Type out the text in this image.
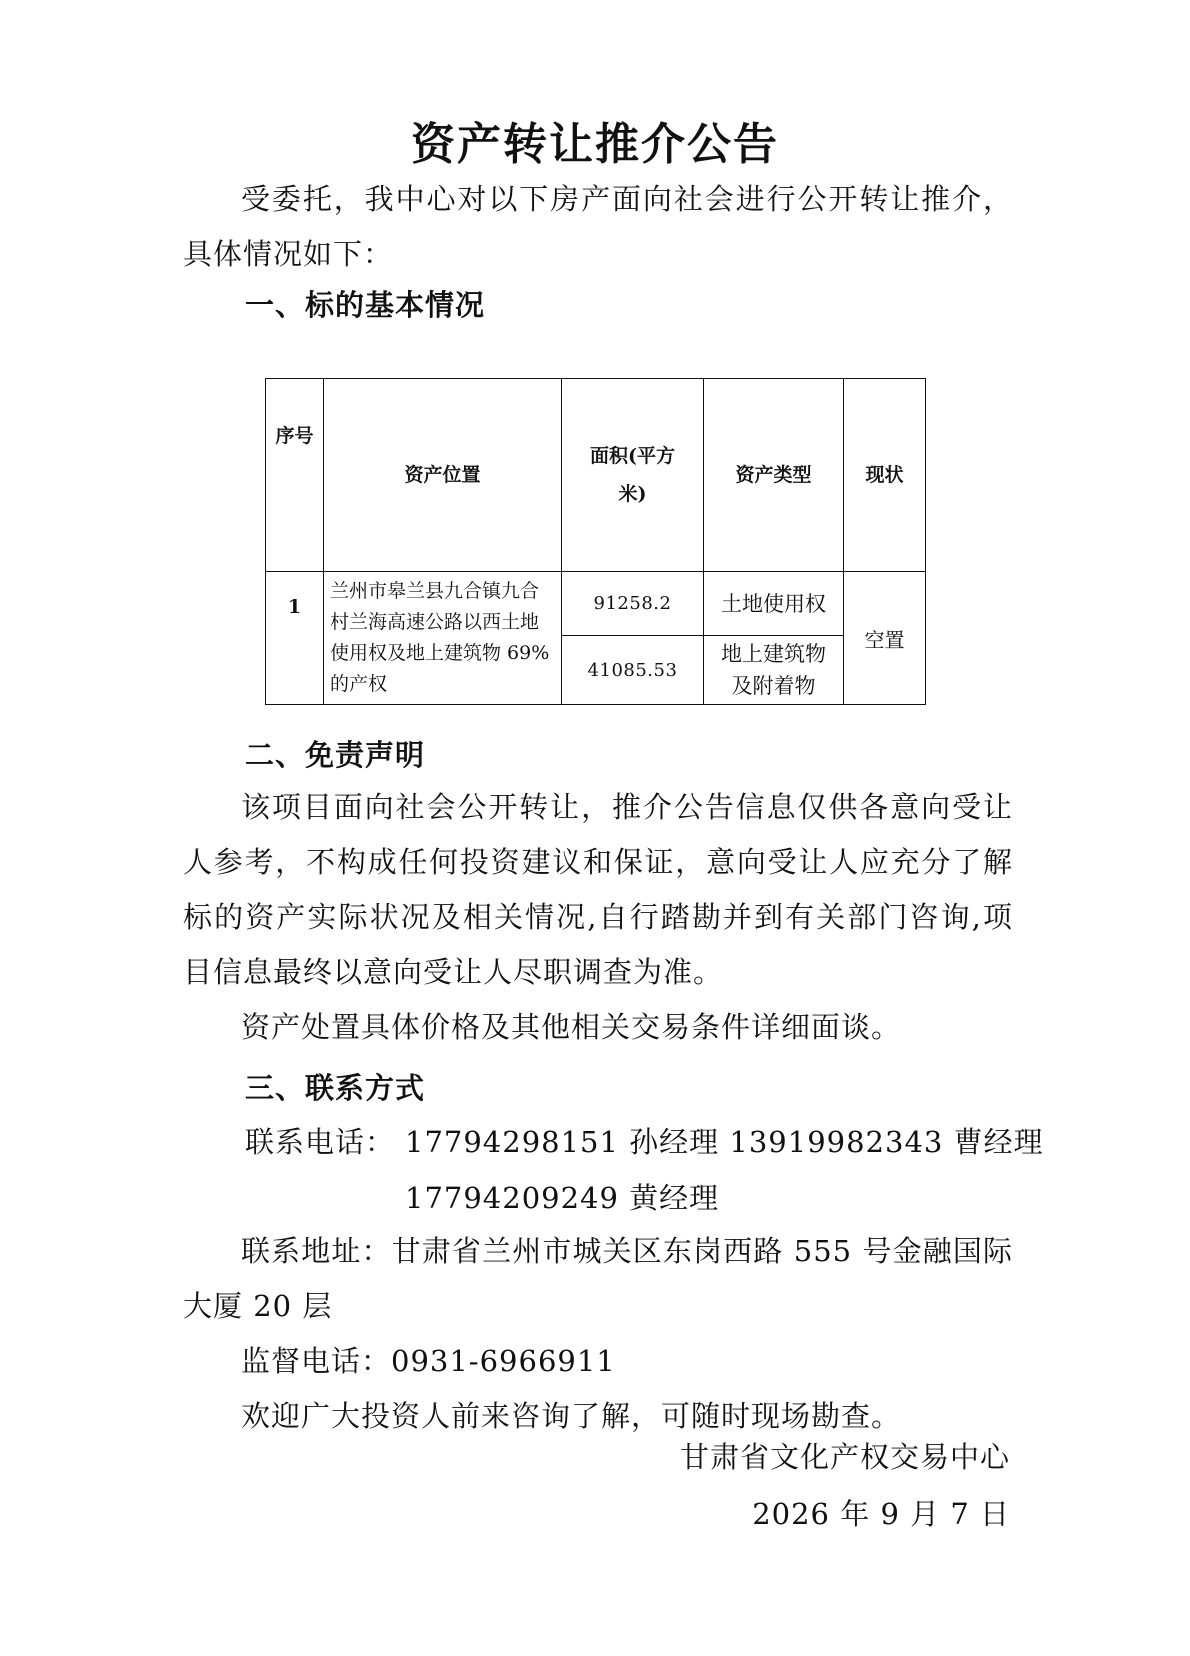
资产转让推介公告

受委托，我中心对以下房产面向社会进行公开转让推介，具体情况如下：

一、标的基本情况
序号	资产位置	面积(平方米)	资产类型	现状
1	兰州市皋兰县九合镇九合村兰海高速公路以西土地使用权及地上建筑物 69%的产权	91258.2	土地使用权	空置
		41085.53	地上建筑物及附着物	
二、免责声明

该项目面向社会公开转让，推介公告信息仅供各意向受让人参考，不构成任何投资建议和保证，意向受让人应充分了解标的资产实际状况及相关情况,自行踏勘并到有关部门咨询,项目信息最终以意向受让人尽职调查为准。

资产处置具体价格及其他相关交易条件详细面谈。

三、联系方式

联系电话： 17794298151 孙经理 13919982343 曹经理

17794209249 黄经理

联系地址：甘肃省兰州市城关区东岗西路 555 号金融国际大厦 20 层

监督电话：0931-6966911

欢迎广大投资人前来咨询了解，可随时现场勘查。

甘肃省文化产权交易中心

2026 年 9 月 7 日
